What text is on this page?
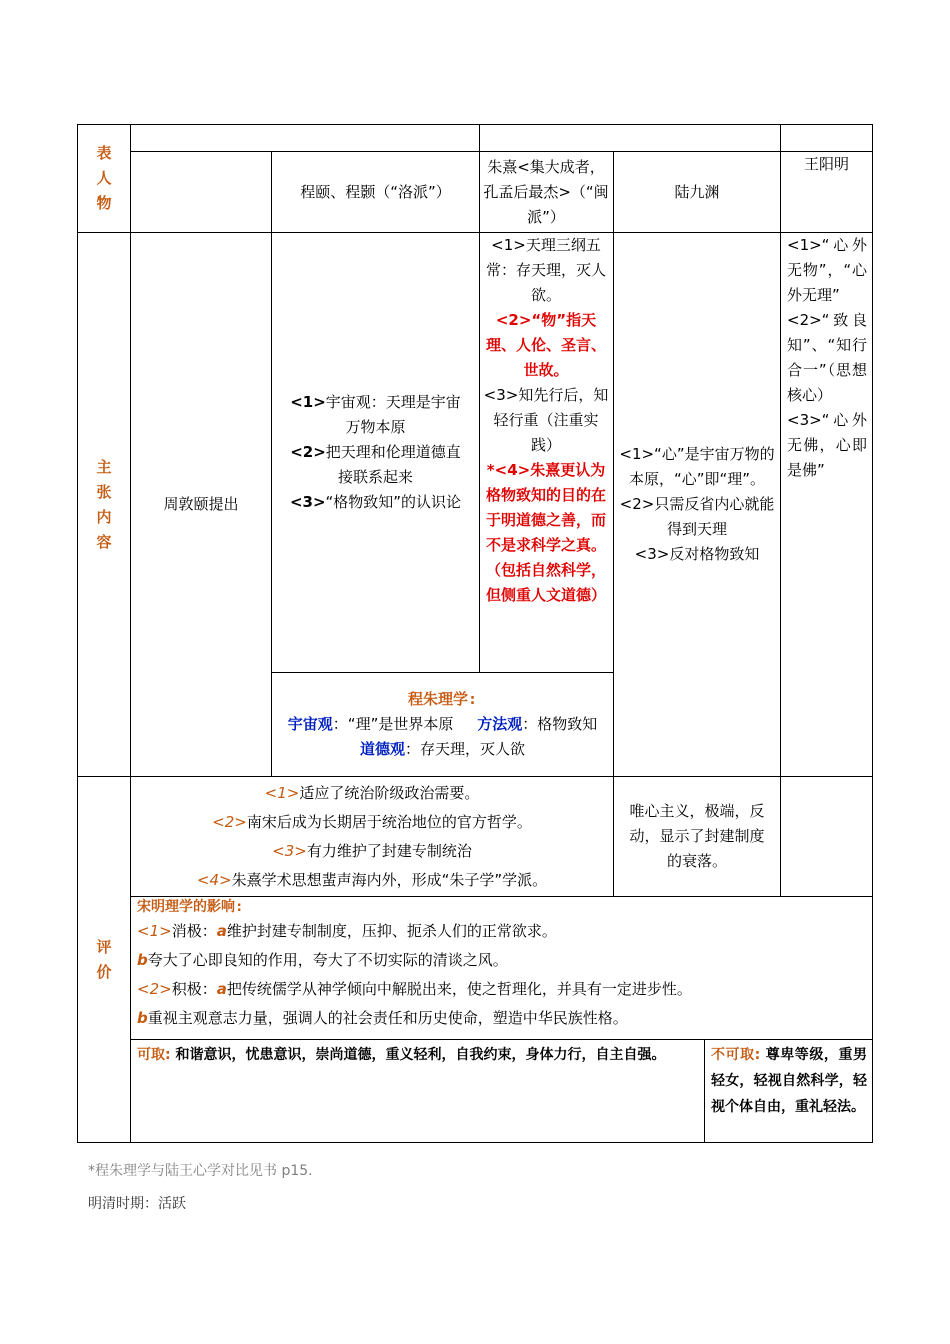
表
人
物
主
张
内
容
评
价
程颐、程颢（“洛派”）
朱熹<集大成者，孔孟后最杰>（“闽派”）
陆九渊
王阳明
周敦颐提出
<1>宇宙观：天理是宇宙万物本原
<2>把天理和伦理道德直接联系起来
<3>“格物致知”的认识论
<1>天理三纲五常：存天理，灭人欲。
<2>“物”指天理、人伦、圣言、世故。
<3>知先行后，知轻行重（注重实践）
*<4>朱熹更认为格物致知的目的在于明道德之善，而不是求科学之真。（包括自然科学，但侧重人文道德）
<1>“心”是宇宙万物的本原，“心”即“理”。
<2>只需反省内心就能得到天理
<3>反对格物致知
<1>“心外无物”，“心外无理”
<2>“致良知”、“知行合一”（思想核心）
<3>“心外无佛，心即是佛”
程朱理学:
宇宙观：“理”是世界本原 方法观：格物致知
道德观：存天理，灭人欲
<1>适应了统治阶级政治需要。
<2>南宋后成为长期居于统治地位的官方哲学。
<3>有力维护了封建专制统治
<4>朱熹学术思想蜚声海内外，形成“朱子学”学派。
唯心主义，极端，反动，显示了封建制度的衰落。
宋明理学的影响:
<1>消极：a维护封建专制制度，压抑、扼杀人们的正常欲求。
b夸大了心即良知的作用，夸大了不切实际的清谈之风。
<2>积极：a把传统儒学从神学倾向中解脱出来，使之哲理化，并具有一定进步性。
b重视主观意志力量，强调人的社会责任和历史使命，塑造中华民族性格。
可取: 和谐意识，忧患意识，崇尚道德，重义轻利，自我约束，身体力行，自主自强。	不可取: 尊卑等级，重男轻女，轻视自然科学，轻视个体自由，重礼轻法。
*程朱理学与陆王心学对比见书 p15.
明清时期：活跃
